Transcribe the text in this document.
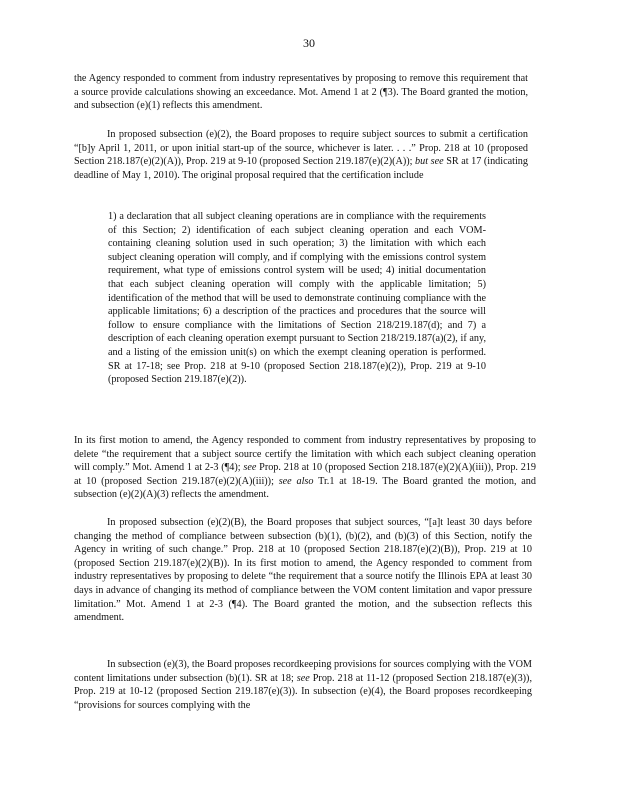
30

the Agency responded to comment from industry representatives by proposing to remove this requirement that a source provide calculations showing an exceedance. Mot. Amend 1 at 2 (¶3). The Board granted the motion, and subsection (e)(1) reflects this amendment.

In proposed subsection (e)(2), the Board proposes to require subject sources to submit a certification “[b]y April 1, 2011, or upon initial start-up of the source, whichever is later. . . .” Prop. 218 at 10 (proposed Section 218.187(e)(2)(A)), Prop. 219 at 9-10 (proposed Section 219.187(e)(2)(A)); but see SR at 17 (indicating deadline of May 1, 2010). The original proposal required that the certification include

1) a declaration that all subject cleaning operations are in compliance with the requirements of this Section; 2) identification of each subject cleaning operation and each VOM-containing cleaning solution used in such operation; 3) the limitation with which each subject cleaning operation will comply, and if complying with the emissions control system requirement, what type of emissions control system will be used; 4) initial documentation that each subject cleaning operation will comply with the applicable limitation; 5) identification of the method that will be used to demonstrate continuing compliance with the applicable limitations; 6) a description of the practices and procedures that the source will follow to ensure compliance with the limitations of Section 218/219.187(d); and 7) a description of each cleaning operation exempt pursuant to Section 218/219.187(a)(2), if any, and a listing of the emission unit(s) on which the exempt cleaning operation is performed. SR at 17-18; see Prop. 218 at 9-10 (proposed Section 218.187(e)(2)), Prop. 219 at 9-10 (proposed Section 219.187(e)(2)).

In its first motion to amend, the Agency responded to comment from industry representatives by proposing to delete “the requirement that a subject source certify the limitation with which each subject cleaning operation will comply.” Mot. Amend 1 at 2-3 (¶4); see Prop. 218 at 10 (proposed Section 218.187(e)(2)(A)(iii)), Prop. 219 at 10 (proposed Section 219.187(e)(2)(A)(iii)); see also Tr.1 at 18-19. The Board granted the motion, and subsection (e)(2)(A)(3) reflects the amendment.

In proposed subsection (e)(2)(B), the Board proposes that subject sources, “[a]t least 30 days before changing the method of compliance between subsection (b)(1), (b)(2), and (b)(3) of this Section, notify the Agency in writing of such change.” Prop. 218 at 10 (proposed Section 218.187(e)(2)(B)), Prop. 219 at 10 (proposed Section 219.187(e)(2)(B)). In its first motion to amend, the Agency responded to comment from industry representatives by proposing to delete “the requirement that a source notify the Illinois EPA at least 30 days in advance of changing its method of compliance between the VOM content limitation and vapor pressure limitation.” Mot. Amend 1 at 2-3 (¶4). The Board granted the motion, and the subsection reflects this amendment.

In subsection (e)(3), the Board proposes recordkeeping provisions for sources complying with the VOM content limitations under subsection (b)(1). SR at 18; see Prop. 218 at 11-12 (proposed Section 218.187(e)(3)), Prop. 219 at 10-12 (proposed Section 219.187(e)(3)). In subsection (e)(4), the Board proposes recordkeeping “provisions for sources complying with the
